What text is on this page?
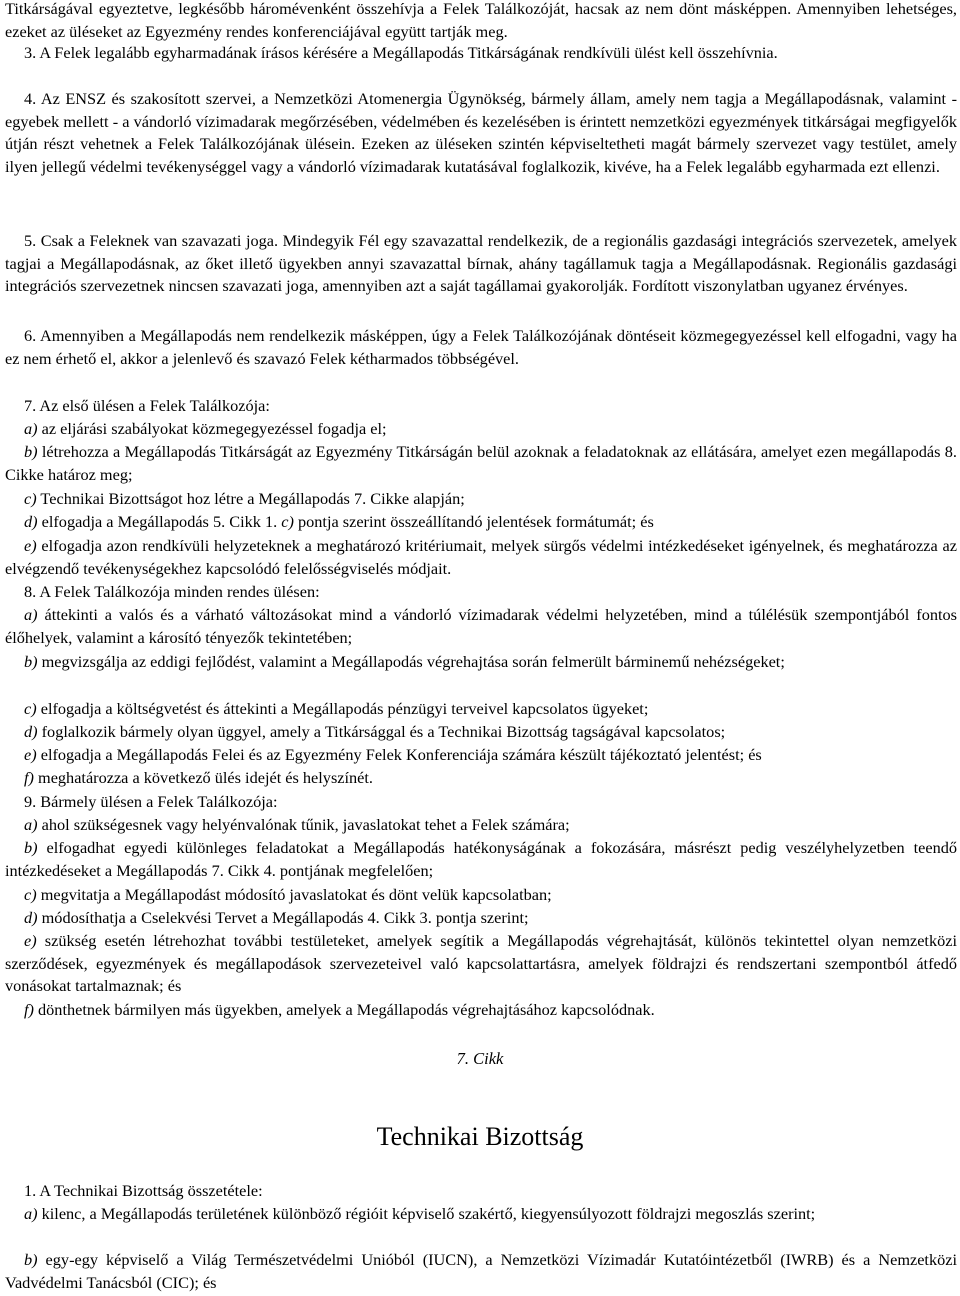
Titkárságával egyeztetve, legkésőbb háromévenként összehívja a Felek Találkozóját, hacsak az nem dönt másképpen. Amennyiben lehetséges, ezeket az üléseket az Egyezmény rendes konferenciájával együtt tartják meg.

3. A Felek legalább egyharmadának írásos kérésére a Megállapodás Titkárságának rendkívüli ülést kell összehívnia.

4. Az ENSZ és szakosított szervei, a Nemzetközi Atomenergia Ügynökség, bármely állam, amely nem tagja a Megállapodásnak, valamint - egyebek mellett - a vándorló vízimadarak megőrzésében, védelmében és kezelésében is érintett nemzetközi egyezmények titkárságai megfigyelők útján részt vehetnek a Felek Találkozójának ülésein. Ezeken az üléseken szintén képviseltetheti magát bármely szervezet vagy testület, amely ilyen jellegű védelmi tevékenységgel vagy a vándorló vízimadarak kutatásával foglalkozik, kivéve, ha a Felek legalább egyharmada ezt ellenzi.

5. Csak a Feleknek van szavazati joga. Mindegyik Fél egy szavazattal rendelkezik, de a regionális gazdasági integrációs szervezetek, amelyek tagjai a Megállapodásnak, az őket illető ügyekben annyi szavazattal bírnak, ahány tagállamuk tagja a Megállapodásnak. Regionális gazdasági integrációs szervezetnek nincsen szavazati joga, amennyiben azt a saját tagállamai gyakorolják. Fordított viszonylatban ugyanez érvényes.

6. Amennyiben a Megállapodás nem rendelkezik másképpen, úgy a Felek Találkozójának döntéseit közmegegyezéssel kell elfogadni, vagy ha ez nem érhető el, akkor a jelenlevő és szavazó Felek kétharmados többségével.

7. Az első ülésen a Felek Találkozója:

a) az eljárási szabályokat közmegegyezéssel fogadja el;

b) létrehozza a Megállapodás Titkárságát az Egyezmény Titkárságán belül azoknak a feladatoknak az ellátására, amelyet ezen megállapodás 8. Cikke határoz meg;

c) Technikai Bizottságot hoz létre a Megállapodás 7. Cikke alapján;

d) elfogadja a Megállapodás 5. Cikk 1. c) pontja szerint összeállítandó jelentések formátumát; és

e) elfogadja azon rendkívüli helyzeteknek a meghatározó kritériumait, melyek sürgős védelmi intézkedéseket igényelnek, és meghatározza az elvégzendő tevékenységekhez kapcsolódó felelősségviselés módjait.

8. A Felek Találkozója minden rendes ülésen:

a) áttekinti a valós és a várható változásokat mind a vándorló vízimadarak védelmi helyzetében, mind a túlélésük szempontjából fontos élőhelyek, valamint a károsító tényezők tekintetében;

b) megvizsgálja az eddigi fejlődést, valamint a Megállapodás végrehajtása során felmerült bárminemű nehézségeket;

c) elfogadja a költségvetést és áttekinti a Megállapodás pénzügyi terveivel kapcsolatos ügyeket;

d) foglalkozik bármely olyan üggyel, amely a Titkársággal és a Technikai Bizottság tagságával kapcsolatos;

e) elfogadja a Megállapodás Felei és az Egyezmény Felek Konferenciája számára készült tájékoztató jelentést; és

f) meghatározza a következő ülés idejét és helyszínét.

9. Bármely ülésen a Felek Találkozója:

a) ahol szükségesnek vagy helyénvalónak tűnik, javaslatokat tehet a Felek számára;

b) elfogadhat egyedi különleges feladatokat a Megállapodás hatékonyságának a fokozására, másrészt pedig veszélyhelyzetben teendő intézkedéseket a Megállapodás 7. Cikk 4. pontjának megfelelően;

c) megvitatja a Megállapodást módosító javaslatokat és dönt velük kapcsolatban;

d) módosíthatja a Cselekvési Tervet a Megállapodás 4. Cikk 3. pontja szerint;

e) szükség esetén létrehozhat további testületeket, amelyek segítik a Megállapodás végrehajtását, különös tekintettel olyan nemzetközi szerződések, egyezmények és megállapodások szervezeteivel való kapcsolattartásra, amelyek földrajzi és rendszertani szempontból átfedő vonásokat tartalmaznak; és

f) dönthetnek bármilyen más ügyekben, amelyek a Megállapodás végrehajtásához kapcsolódnak.

7. Cikk
Technikai Bizottság

1. A Technikai Bizottság összetétele:

a) kilenc, a Megállapodás területének különböző régióit képviselő szakértő, kiegyensúlyozott földrajzi megoszlás szerint;

b) egy-egy képviselő a Világ Természetvédelmi Unióból (IUCN), a Nemzetközi Vízimadár Kutatóintézetből (IWRB) és a Nemzetközi Vadvédelmi Tanácsból (CIC); és
